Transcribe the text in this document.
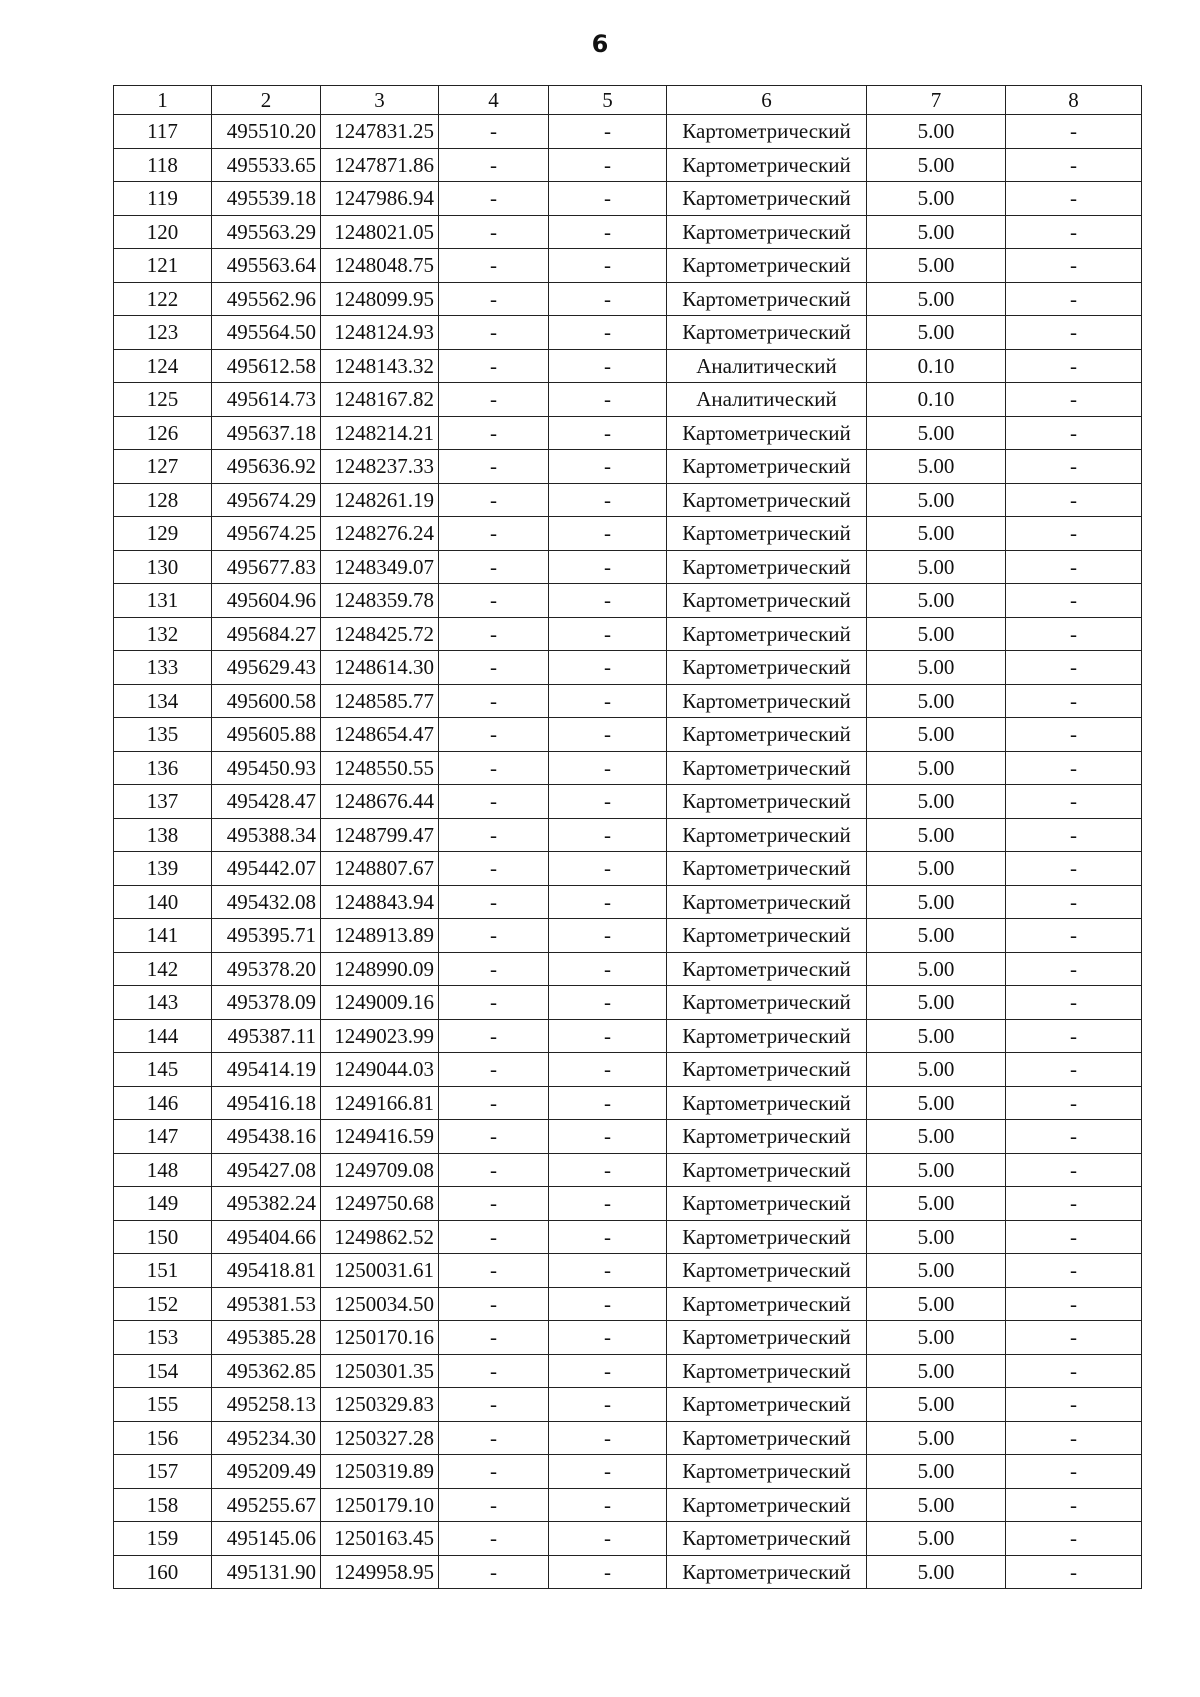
6
1	2	3	4	5	6	7	8
117	495510.20	1247831.25	-	-	Картометрический	5.00	-
118	495533.65	1247871.86	-	-	Картометрический	5.00	-
119	495539.18	1247986.94	-	-	Картометрический	5.00	-
120	495563.29	1248021.05	-	-	Картометрический	5.00	-
121	495563.64	1248048.75	-	-	Картометрический	5.00	-
122	495562.96	1248099.95	-	-	Картометрический	5.00	-
123	495564.50	1248124.93	-	-	Картометрический	5.00	-
124	495612.58	1248143.32	-	-	Аналитический	0.10	-
125	495614.73	1248167.82	-	-	Аналитический	0.10	-
126	495637.18	1248214.21	-	-	Картометрический	5.00	-
127	495636.92	1248237.33	-	-	Картометрический	5.00	-
128	495674.29	1248261.19	-	-	Картометрический	5.00	-
129	495674.25	1248276.24	-	-	Картометрический	5.00	-
130	495677.83	1248349.07	-	-	Картометрический	5.00	-
131	495604.96	1248359.78	-	-	Картометрический	5.00	-
132	495684.27	1248425.72	-	-	Картометрический	5.00	-
133	495629.43	1248614.30	-	-	Картометрический	5.00	-
134	495600.58	1248585.77	-	-	Картометрический	5.00	-
135	495605.88	1248654.47	-	-	Картометрический	5.00	-
136	495450.93	1248550.55	-	-	Картометрический	5.00	-
137	495428.47	1248676.44	-	-	Картометрический	5.00	-
138	495388.34	1248799.47	-	-	Картометрический	5.00	-
139	495442.07	1248807.67	-	-	Картометрический	5.00	-
140	495432.08	1248843.94	-	-	Картометрический	5.00	-
141	495395.71	1248913.89	-	-	Картометрический	5.00	-
142	495378.20	1248990.09	-	-	Картометрический	5.00	-
143	495378.09	1249009.16	-	-	Картометрический	5.00	-
144	495387.11	1249023.99	-	-	Картометрический	5.00	-
145	495414.19	1249044.03	-	-	Картометрический	5.00	-
146	495416.18	1249166.81	-	-	Картометрический	5.00	-
147	495438.16	1249416.59	-	-	Картометрический	5.00	-
148	495427.08	1249709.08	-	-	Картометрический	5.00	-
149	495382.24	1249750.68	-	-	Картометрический	5.00	-
150	495404.66	1249862.52	-	-	Картометрический	5.00	-
151	495418.81	1250031.61	-	-	Картометрический	5.00	-
152	495381.53	1250034.50	-	-	Картометрический	5.00	-
153	495385.28	1250170.16	-	-	Картометрический	5.00	-
154	495362.85	1250301.35	-	-	Картометрический	5.00	-
155	495258.13	1250329.83	-	-	Картометрический	5.00	-
156	495234.30	1250327.28	-	-	Картометрический	5.00	-
157	495209.49	1250319.89	-	-	Картометрический	5.00	-
158	495255.67	1250179.10	-	-	Картометрический	5.00	-
159	495145.06	1250163.45	-	-	Картометрический	5.00	-
160	495131.90	1249958.95	-	-	Картометрический	5.00	-
